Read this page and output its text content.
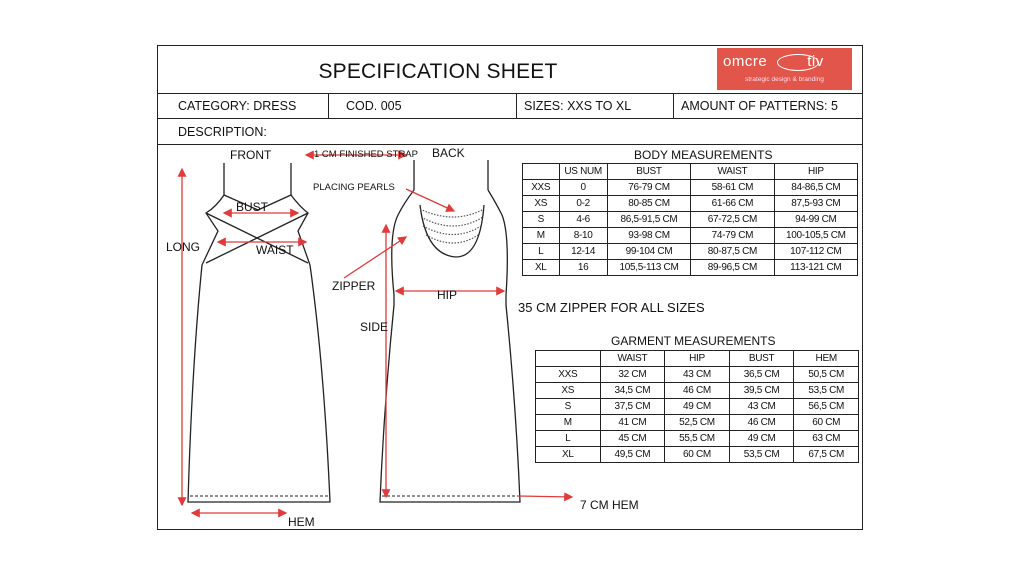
SPECIFICATION SHEET	omcre	tiv
strategic design & branding
CATEGORY: DRESS	COD. 005	SIZES: XXS TO XL	AMOUNT OF PATTERNS: 5
DESCRIPTION:
FRONT	BACK
1 CM FINISHED STRAP
PLACING PEARLS
BUST
WAIST
LONG
ZIPPER
HIP
SIDE
HEM
7 CM HEM
35 CM ZIPPER FOR ALL SIZES
BODY MEASUREMENTS
	US NUM	BUST	WAIST	HIP
XXS	0	76-79 CM	58-61 CM	84-86,5 CM
XS	0-2	80-85 CM	61-66 CM	87,5-93 CM
S	4-6	86,5-91,5 CM	67-72,5 CM	94-99 CM
M	8-10	93-98 CM	74-79 CM	100-105,5 CM
L	12-14	99-104 CM	80-87,5 CM	107-112 CM
XL	16	105,5-113 CM	89-96,5 CM	113-121 CM
GARMENT MEASUREMENTS
	WAIST	HIP	BUST	HEM
XXS	32 CM	43 CM	36,5 CM	50,5 CM
XS	34,5 CM	46 CM	39,5 CM	53,5 CM
S	37,5 CM	49 CM	43 CM	56,5 CM
M	41 CM	52,5 CM	46 CM	60 CM
L	45 CM	55,5 CM	49 CM	63 CM
XL	49,5 CM	60 CM	53,5 CM	67,5 CM
